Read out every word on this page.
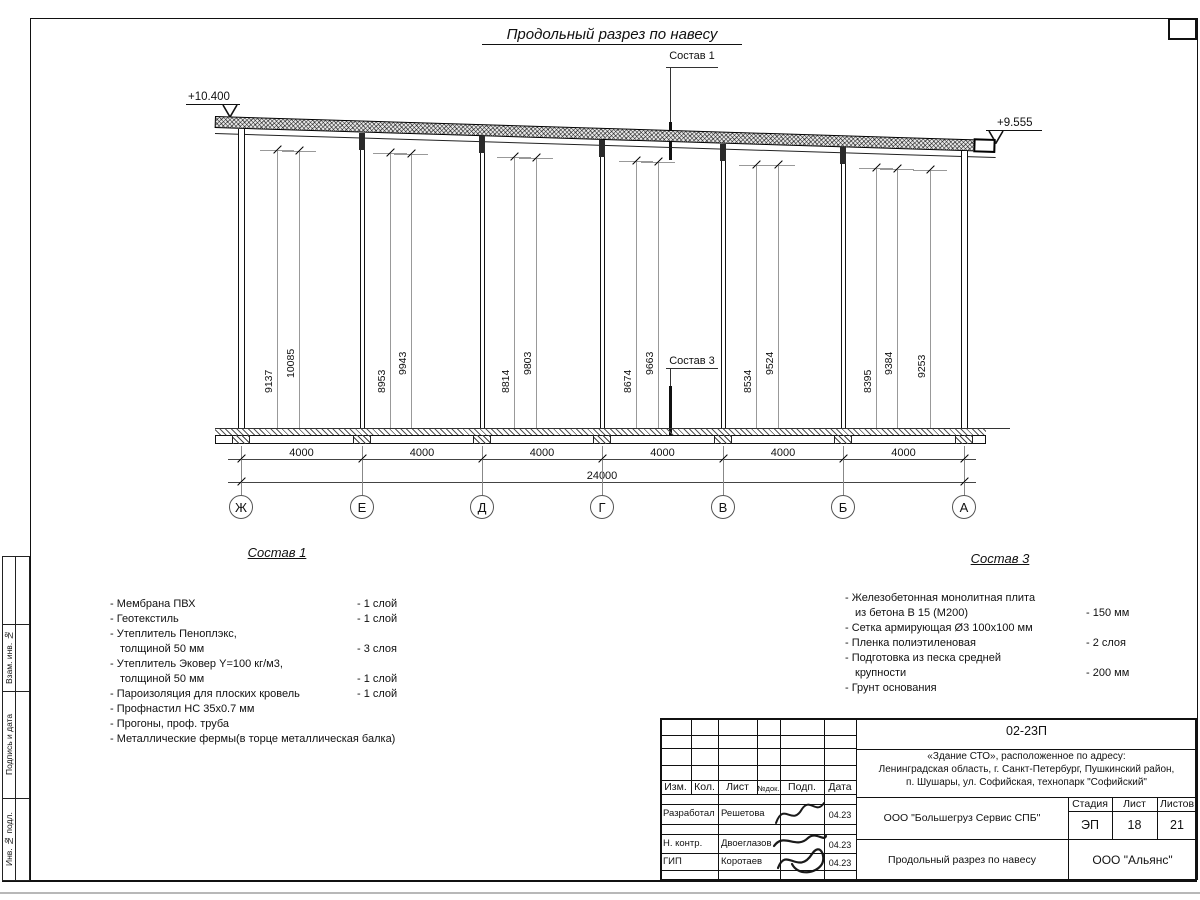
Взам. инв. №
Подпись и дата
Инв. № подл.
Продольный разрез по навесу
Состав 1
Состав 3
+10.400
+9.555
24000
Состав 1	Состав 3
02-23П
«Здание СТО», расположенное по адресу:
Ленинградская область, г. Санкт-Петербург, Пушкинский район,
п. Шушары, ул. Софийская, технопарк "Софийский"
Изм. Кол.	Лист	№док. Подп.	Дата
Разработал Решетова	04.23
Н. контр. Двоеглазов	04.23
ГИП	Коротаев	04.23
ООО "Большегруз Сервис СПБ"
Стадия	Лист	Листов
ЭП	18	21
Продольный разрез по навесу	ООО "Альянс"
Ж	Е	Д	Г	В	Б	А
4000	4000	4000	4000	4000	4000
9137
10085
8953
9943
8814
9803
8674
9663
8534
9524
8395
9384 9253
- Мембрана ПВХ	- 1 слой
- Геотекстиль	- 1 слой
- Утеплитель Пеноплэкс,
толщиной 50 мм	- 3 слоя
- Утеплитель Эковер Y=100 кг/м3,
толщиной 50 мм	- 1 слой
- Пароизоляция для плоских кровель	- 1 слой
- Профнастил НС 35х0.7 мм
- Прогоны, проф. труба
- Металлические фермы(в торце металлическая балка)
- Железобетонная монолитная плита
из бетона В 15 (М200)	- 150 мм
- Сетка армирующая Ø3 100х100 мм
- Пленка полиэтиленовая	- 2 слоя
- Подготовка из песка средней
крупности	- 200 мм
- Грунт основания
